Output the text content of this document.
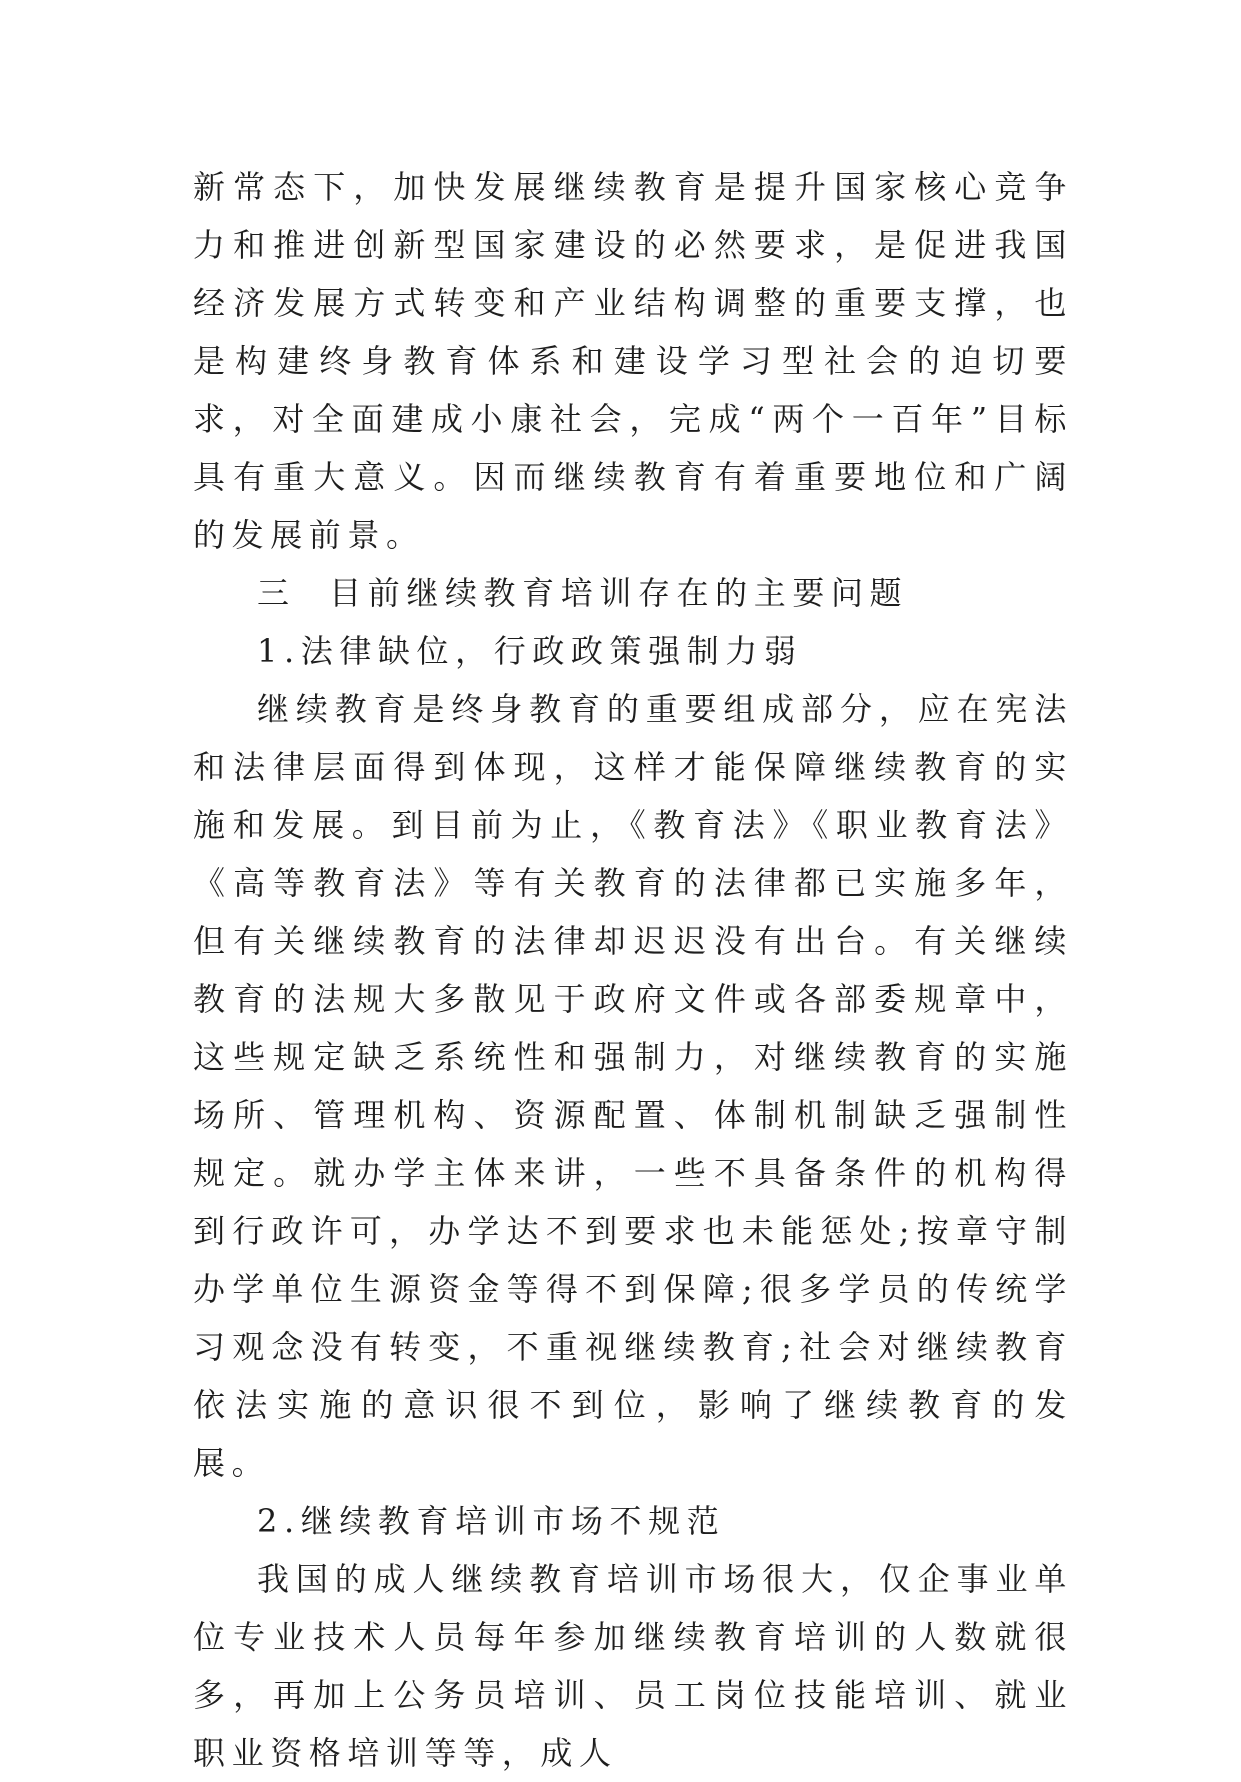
新常态下，加快发展继续教育是提升国家核心竞争力和推进创新型国家建设的必然要求，是促进我国经济发展方式转变和产业结构调整的重要支撑，也是构建终身教育体系和建设学习型社会的迫切要求，对全面建成小康社会，完成“两个一百年”目标具有重大意义。因而继续教育有着重要地位和广阔的发展前景。

三  目前继续教育培训存在的主要问题
1.法律缺位，行政政策强制力弱

继续教育是终身教育的重要组成部分，应在宪法和法律层面得到体现，这样才能保障继续教育的实施和发展。到目前为止，《教育法》《职业教育法》《高等教育法》等有关教育的法律都已实施多年，但有关继续教育的法律却迟迟没有出台。有关继续教育的法规大多散见于政府文件或各部委规章中，这些规定缺乏系统性和强制力，对继续教育的实施场所、管理机构、资源配置、体制机制缺乏强制性规定。就办学主体来讲，一些不具备条件的机构得到行政许可，办学达不到要求也未能惩处;按章守制办学单位生源资金等得不到保障;很多学员的传统学习观念没有转变，不重视继续教育;社会对继续教育依法实施的意识很不到位，影响了继续教育的发展。

2.继续教育培训市场不规范

我国的成人继续教育培训市场很大，仅企事业单位专业技术人员每年参加继续教育培训的人数就很多，再加上公务员培训、员工岗位技能培训、就业职业资格培训等等，成人
